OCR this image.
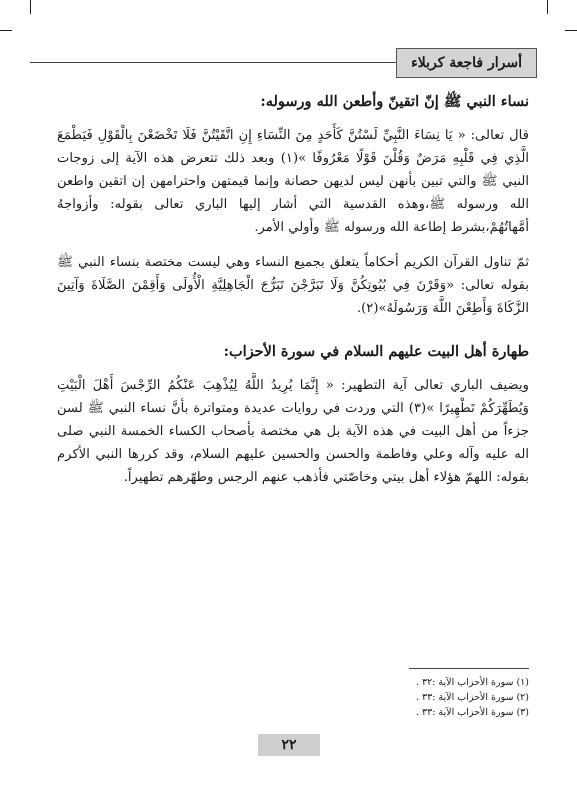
أسرار فاجعة كربلاء

نساء النبي ﷺ إنّ اتقينّ وأطعن الله ورسوله:

قال تعالى: « يَا نِسَاءَ النَّبِيِّ لَسْتُنَّ كَأَحَدٍ مِنَ النِّسَاءِ إِنِ اتَّقَيْتُنَّ فَلَا تَخْضَعْنَ بِالْقَوْلِ فَيَطْمَعَ الَّذِي فِي قَلْبِهِ مَرَضٌ وَقُلْنَ قَوْلًا مَعْرُوفًا »(١) وبعد ذلك تتعرض هذه الآية إلى زوجات النبي ﷺ والتي تبين بأنهن ليس لديهن حصانة وإنما قيمتهن واحترامهن إن اتقين واطعن الله ورسوله ﷺ،وهذه القدسية التي أشار إليها الباري تعالى بقوله: وأزواجهُ أمَّهاتُهُمْ،بشرط إطاعة الله ورسوله ﷺ وأولي الأمر.

ثمّ تناول القرآن الكريم أحكاماً يتعلق بجميع النساء وهي ليست مختصة بنساء النبي ﷺ بقوله تعالى: «وَقَرْنَ فِي بُيُوتِكُنَّ وَلَا تَبَرَّجْنَ تَبَرُّجَ الْجَاهِلِيَّةِ الْأُولَى وَأَقِمْنَ الصَّلَاةَ وَآتِينَ الزَّكَاةَ وَأَطِعْنَ اللَّهَ وَرَسُولَهُ»(٢).

طهارة أهل البيت عليهم السلام في سورة الأحزاب:

ويضيف الباري تعالى آية التطهير: « إِنَّمَا يُرِيدُ اللَّهُ لِيُذْهِبَ عَنْكُمُ الرِّجْسَ أَهْلَ الْبَيْتِ وَيُطَهِّرَكُمْ تَطْهِيرًا »(٣) التي وردت في روايات عديدة ومتواترة بأنَّ نساء النبي ﷺ لسن جزءاً من أهل البيت في هذه الآية بل هي مختصة بأصحاب الكساء الخمسة النبي صلى اله عليه وآله وعلي وفاطمة والحسن والحسين عليهم السلام، وقد كررها النبي الأكرم بقوله: اللهمّ هؤلاء أهل بيتي وخاصّتي فأذهب عنهم الرجس وطهّرهم تطهيراً.

(١) سورة الأحزاب الآية :٣٢ .

(٢) سورة الأحزاب الآية :٣٣ .

(٣) سورة الأحزاب الآية :٣٣ .

٢٢
